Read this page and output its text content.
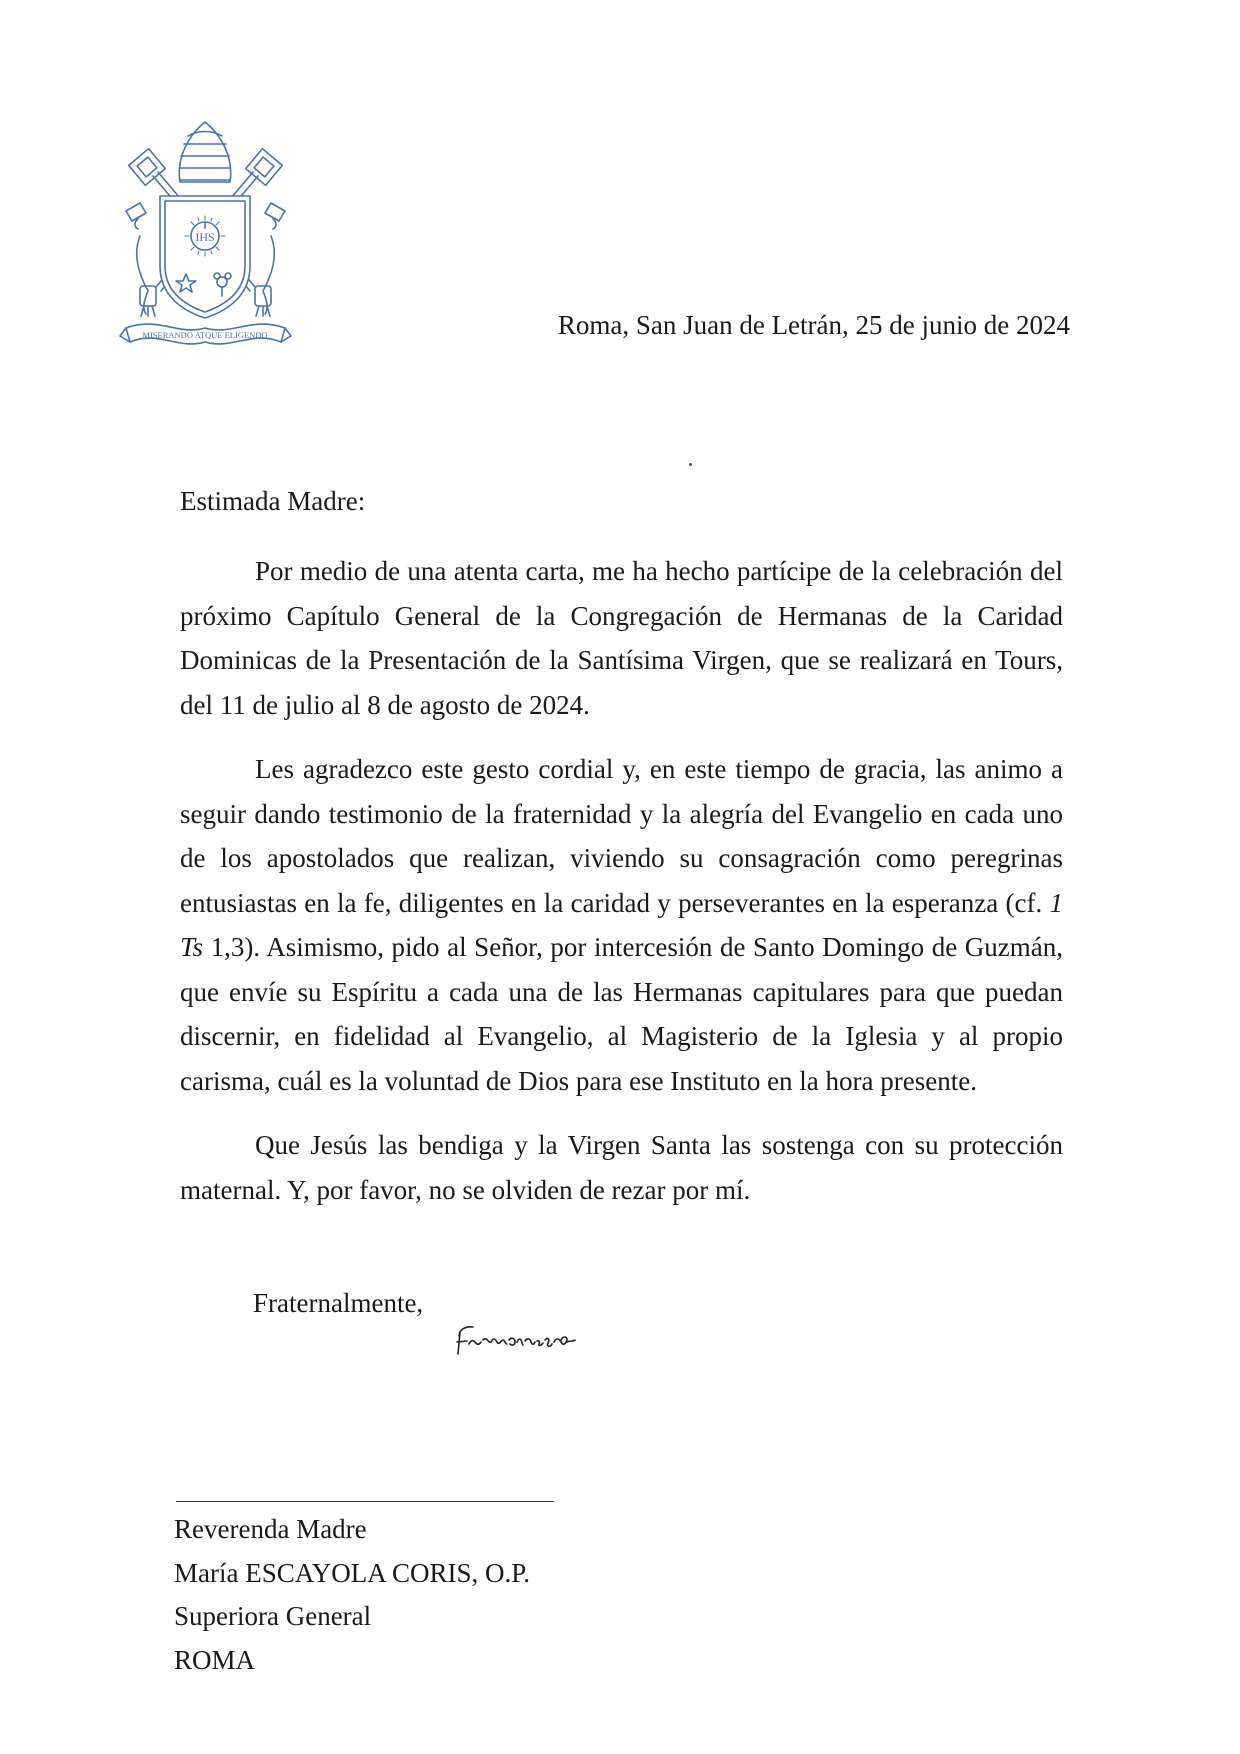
IHS
MISERANDO ATQUE ELIGENDO	Roma, San Juan de Letrán, 25 de junio de 2024
Estimada Madre:

Por medio de una atenta carta, me ha hecho partícipe de la celebración del próximo Capítulo General de la Congregación de Hermanas de la Caridad Dominicas de la Presentación de la Santísima Virgen, que se realizará en Tours, del 11 de julio al 8 de agosto de 2024.

Les agradezco este gesto cordial y, en este tiempo de gracia, las animo a seguir dando testimonio de la fraternidad y la alegría del Evangelio en cada uno de los apostolados que realizan, viviendo su consagración como peregrinas entusiastas en la fe, diligentes en la caridad y perseverantes en la esperanza (cf. 1 Ts 1,3). Asimismo, pido al Señor, por intercesión de Santo Domingo de Guzmán, que envíe su Espíritu a cada una de las Hermanas capitulares para que puedan discernir, en fidelidad al Evangelio, al Magisterio de la Iglesia y al propio carisma, cuál es la voluntad de Dios para ese Instituto en la hora presente.

Que Jesús las bendiga y la Virgen Santa las sostenga con su protección maternal. Y, por favor, no se olviden de rezar por mí.

Fraternalmente,
Reverenda Madre
María ESCAYOLA CORIS, O.P.
Superiora General
ROMA
